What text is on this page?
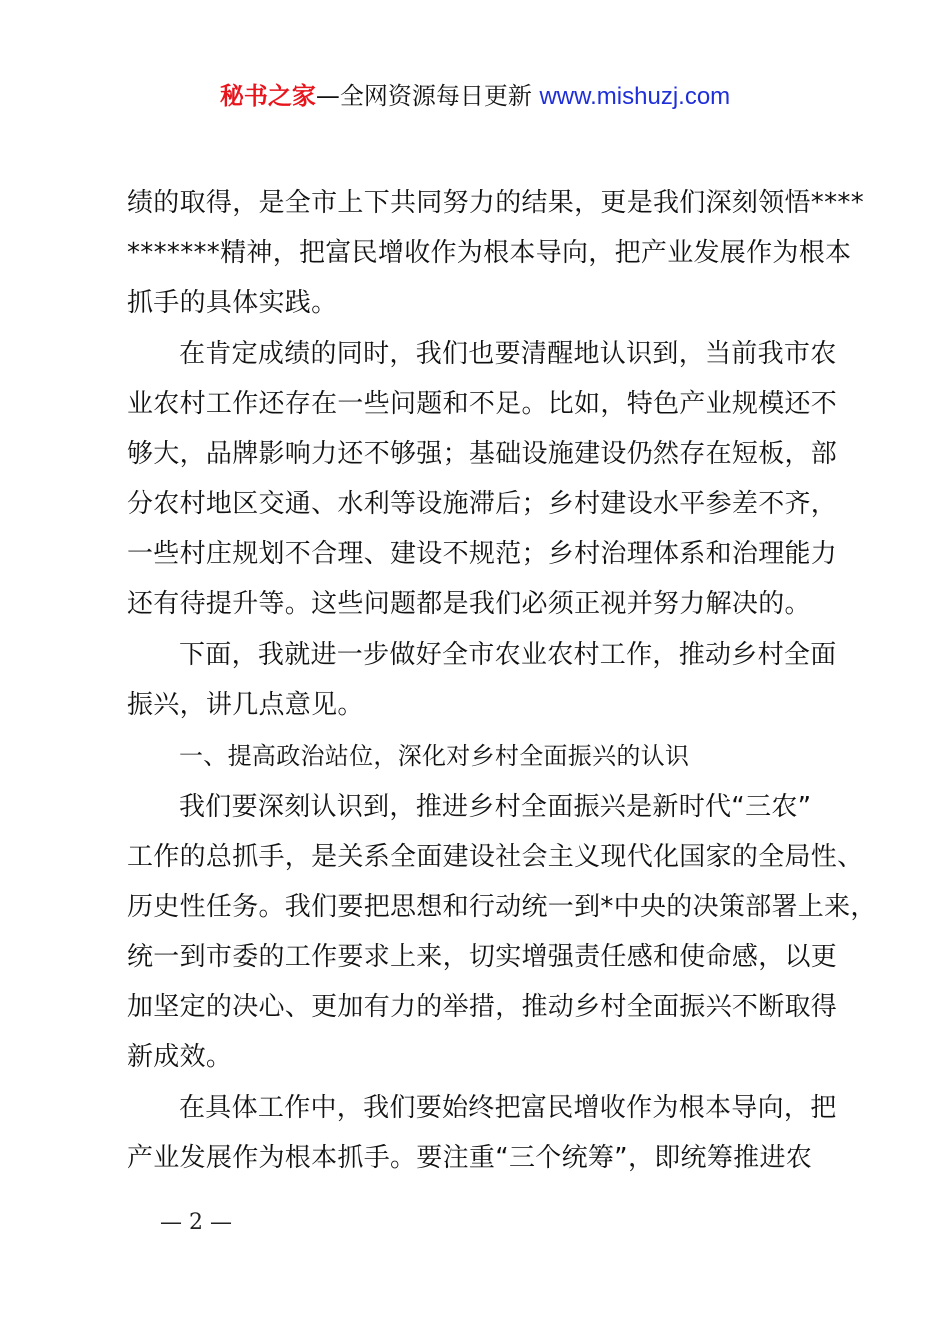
秘书之家—全网资源每日更新 www.mishuzj.com

绩的取得，是全市上下共同努力的结果，更是我们深刻领悟****
*******精神，把富民增收作为根本导向，把产业发展作为根本
抓手的具体实践。

在肯定成绩的同时，我们也要清醒地认识到，当前我市农
业农村工作还存在一些问题和不足。比如，特色产业规模还不
够大，品牌影响力还不够强；基础设施建设仍然存在短板，部
分农村地区交通、水利等设施滞后；乡村建设水平参差不齐，
一些村庄规划不合理、建设不规范；乡村治理体系和治理能力
还有待提升等。这些问题都是我们必须正视并努力解决的。

下面，我就进一步做好全市农业农村工作，推动乡村全面
振兴，讲几点意见。

一、提高政治站位，深化对乡村全面振兴的认识

我们要深刻认识到，推进乡村全面振兴是新时代“三农”
工作的总抓手，是关系全面建设社会主义现代化国家的全局性、
历史性任务。我们要把思想和行动统一到*中央的决策部署上来，
统一到市委的工作要求上来，切实增强责任感和使命感，以更
加坚定的决心、更加有力的举措，推动乡村全面振兴不断取得
新成效。

在具体工作中，我们要始终把富民增收作为根本导向，把
产业发展作为根本抓手。要注重“三个统筹”，即统筹推进农

— 2 —
